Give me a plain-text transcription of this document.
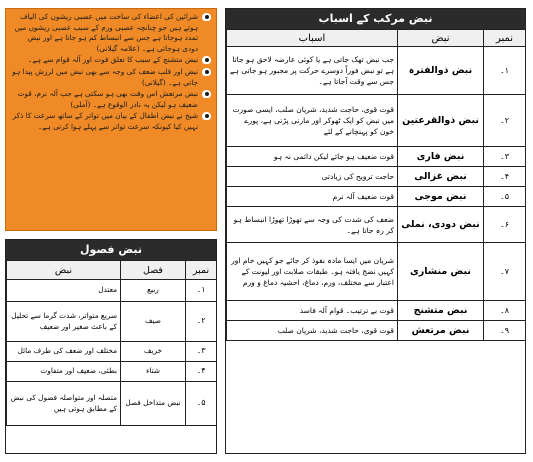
نبض مرکب کے اسباب
اسباب	نبض	نمبر
جب نبض تھک جاتی ہے یا کوئی عارضہ لاحق ہو جاتا ہے تو نبض فوراً دوسرے حرکت پر مجبور ہو جاتی ہے جس سے وقت آجاتا ہے۔	نبض ذوالفترہ	۱۔
قوت قوی، حاجت شدید، شریان صلب، ایسی صورت میں نبض کو ایک ٹھوکر اور مارنی پڑتی ہے، پورے خون کو پہنچانے کے لئے	نبض ذوالقرعتین	۲۔
قوت ضعیف ہو جائے لیکن دائمی نہ ہو	نبض فاری	۳۔
حاجت ترویح کی زیادتی	نبض غزالی	۴۔
قوت ضعیف آلہ نرم	نبض موجی	۵۔
ضعف کی شدت کی وجہ سے تھوڑا تھوڑا انبساط ہو کر رہ جاتا ہے۔	نبض دودی، نملی	۶۔
شریان میں ایسا مادہ نفوذ کر جائے جو کہیں خام اور کہیں نضج یافتہ ہو۔ طبقات صلابت اور لیونت کے اعتبار سے مختلف، ورم، دماغ، احشیہ دماغ و ورم	نبض منشاری	۷۔
قوت بے ترتیب۔ قوام آلہ فاسد	نبض متشنج	۸۔
قوت قوی، حاجت شدید، شریان صلب	نبض مرتعش	۹۔
شرائین کی اعضاء کی ساخت میں عصبی ریشوں کی الیاف ہوتے ہیں جو چنانچہ عصبی ورم کے سبب عصبی ریشوں میں تمدد ہوجاتا ہے جس سے انبساط کم ہو جاتا ہے اور نبض دودی ہوجاتی ہے۔ (علامہ گیلانی)
نبض متشنج کے سبب کا تعلق قوت اور آلہ قوام سے ہے۔
نبض اور قلب ضعف کی وجہ سے بھی نبض میں لرزش پیدا ہو جاتی ہے۔ (گیلانی)
نبض مرتعش اس وقت بھی ہو سکتی ہے جب آلہ نرم، قوت ضعیف ہو لیکن یہ نادر الوقوع ہے۔ (آملی)
شیخ نے نبض اطفال کے بیان میں تواتر کے ساتھ سرعت کا ذکر نہیں کیا کیونکہ سرعت تواتر سے پہلے ہوا کرتی ہے۔
نبض فصول
نبض	فصل	نمبر
معتدل	ربیع	۱۔
سریع متواتر، شدت گرما سے تحلیل کے باعث صغیر اور ضعیف	صیف	۲۔
مختلف اور ضعف کی طرف مائل	خریف	۳۔
بطئی، ضعیف اور متفاوت	شتاء	۴۔
متصلہ اور متواصلہ فصول کی نبض کے مطابق ہوتی ہیں	نبض متداخل فصل	۵۔
